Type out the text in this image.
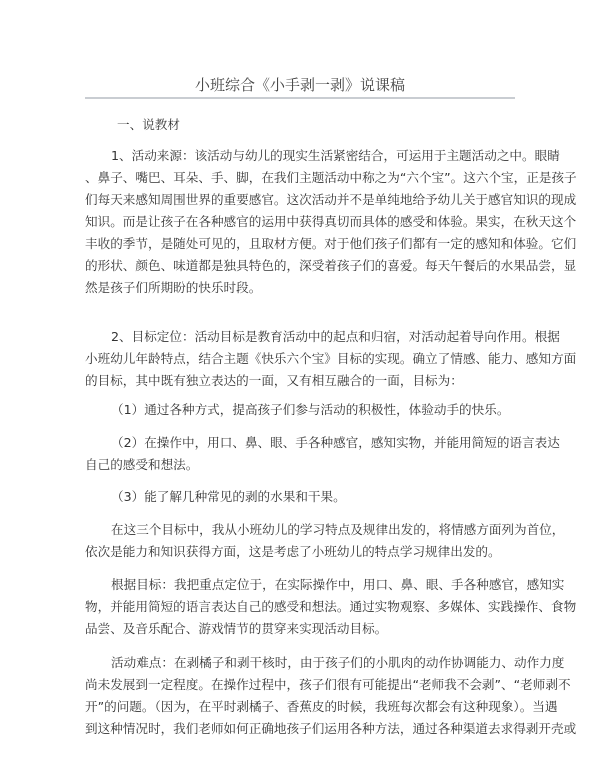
小班综合《小手剥一剥》说课稿
一、说教材
1、活动来源：该活动与幼儿的现实生活紧密结合，可运用于主题活动之中。眼睛
、鼻子、嘴巴、耳朵、手、脚，在我们主题活动中称之为“六个宝”。这六个宝，正是孩子
们每天来感知周围世界的重要感官。这次活动并不是单纯地给予幼儿关于感官知识的现成
知识。而是让孩子在各种感官的运用中获得真切而具体的感受和体验。果实，在秋天这个
丰收的季节，是随处可见的，且取材方便。对于他们孩子们都有一定的感知和体验。它们
的形状、颜色、味道都是独具特色的，深受着孩子们的喜爱。每天午餐后的水果品尝，显
然是孩子们所期盼的快乐时段。
2、目标定位：活动目标是教育活动中的起点和归宿，对活动起着导向作用。根据
小班幼儿年龄特点，结合主题《快乐六个宝》目标的实现。确立了情感、能力、感知方面
的目标，其中既有独立表达的一面，又有相互融合的一面，目标为：
（1）通过各种方式，提高孩子们参与活动的积极性，体验动手的快乐。
（2）在操作中，用口、鼻、眼、手各种感官，感知实物，并能用简短的语言表达
自己的感受和想法。
（3）能了解几种常见的剥的水果和干果。
在这三个目标中，我从小班幼儿的学习特点及规律出发的，将情感方面列为首位，
依次是能力和知识获得方面，这是考虑了小班幼儿的特点学习规律出发的。
根据目标：我把重点定位于，在实际操作中，用口、鼻、眼、手各种感官，感知实
物，并能用简短的语言表达自己的感受和想法。通过实物观察、多媒体、实践操作、食物
品尝、及音乐配合、游戏情节的贯穿来实现活动目标。
活动难点：在剥橘子和剥干核时，由于孩子们的小肌肉的动作协调能力、动作力度
尚未发展到一定程度。在操作过程中，孩子们很有可能提出“老师我不会剥”、“老师剥不
开”的问题。（因为，在平时剥橘子、香蕉皮的时候，我班每次都会有这种现象）。当遇
到这种情况时，我们老师如何正确地孩子们运用各种方法，通过各种渠道去求得剥开壳或
